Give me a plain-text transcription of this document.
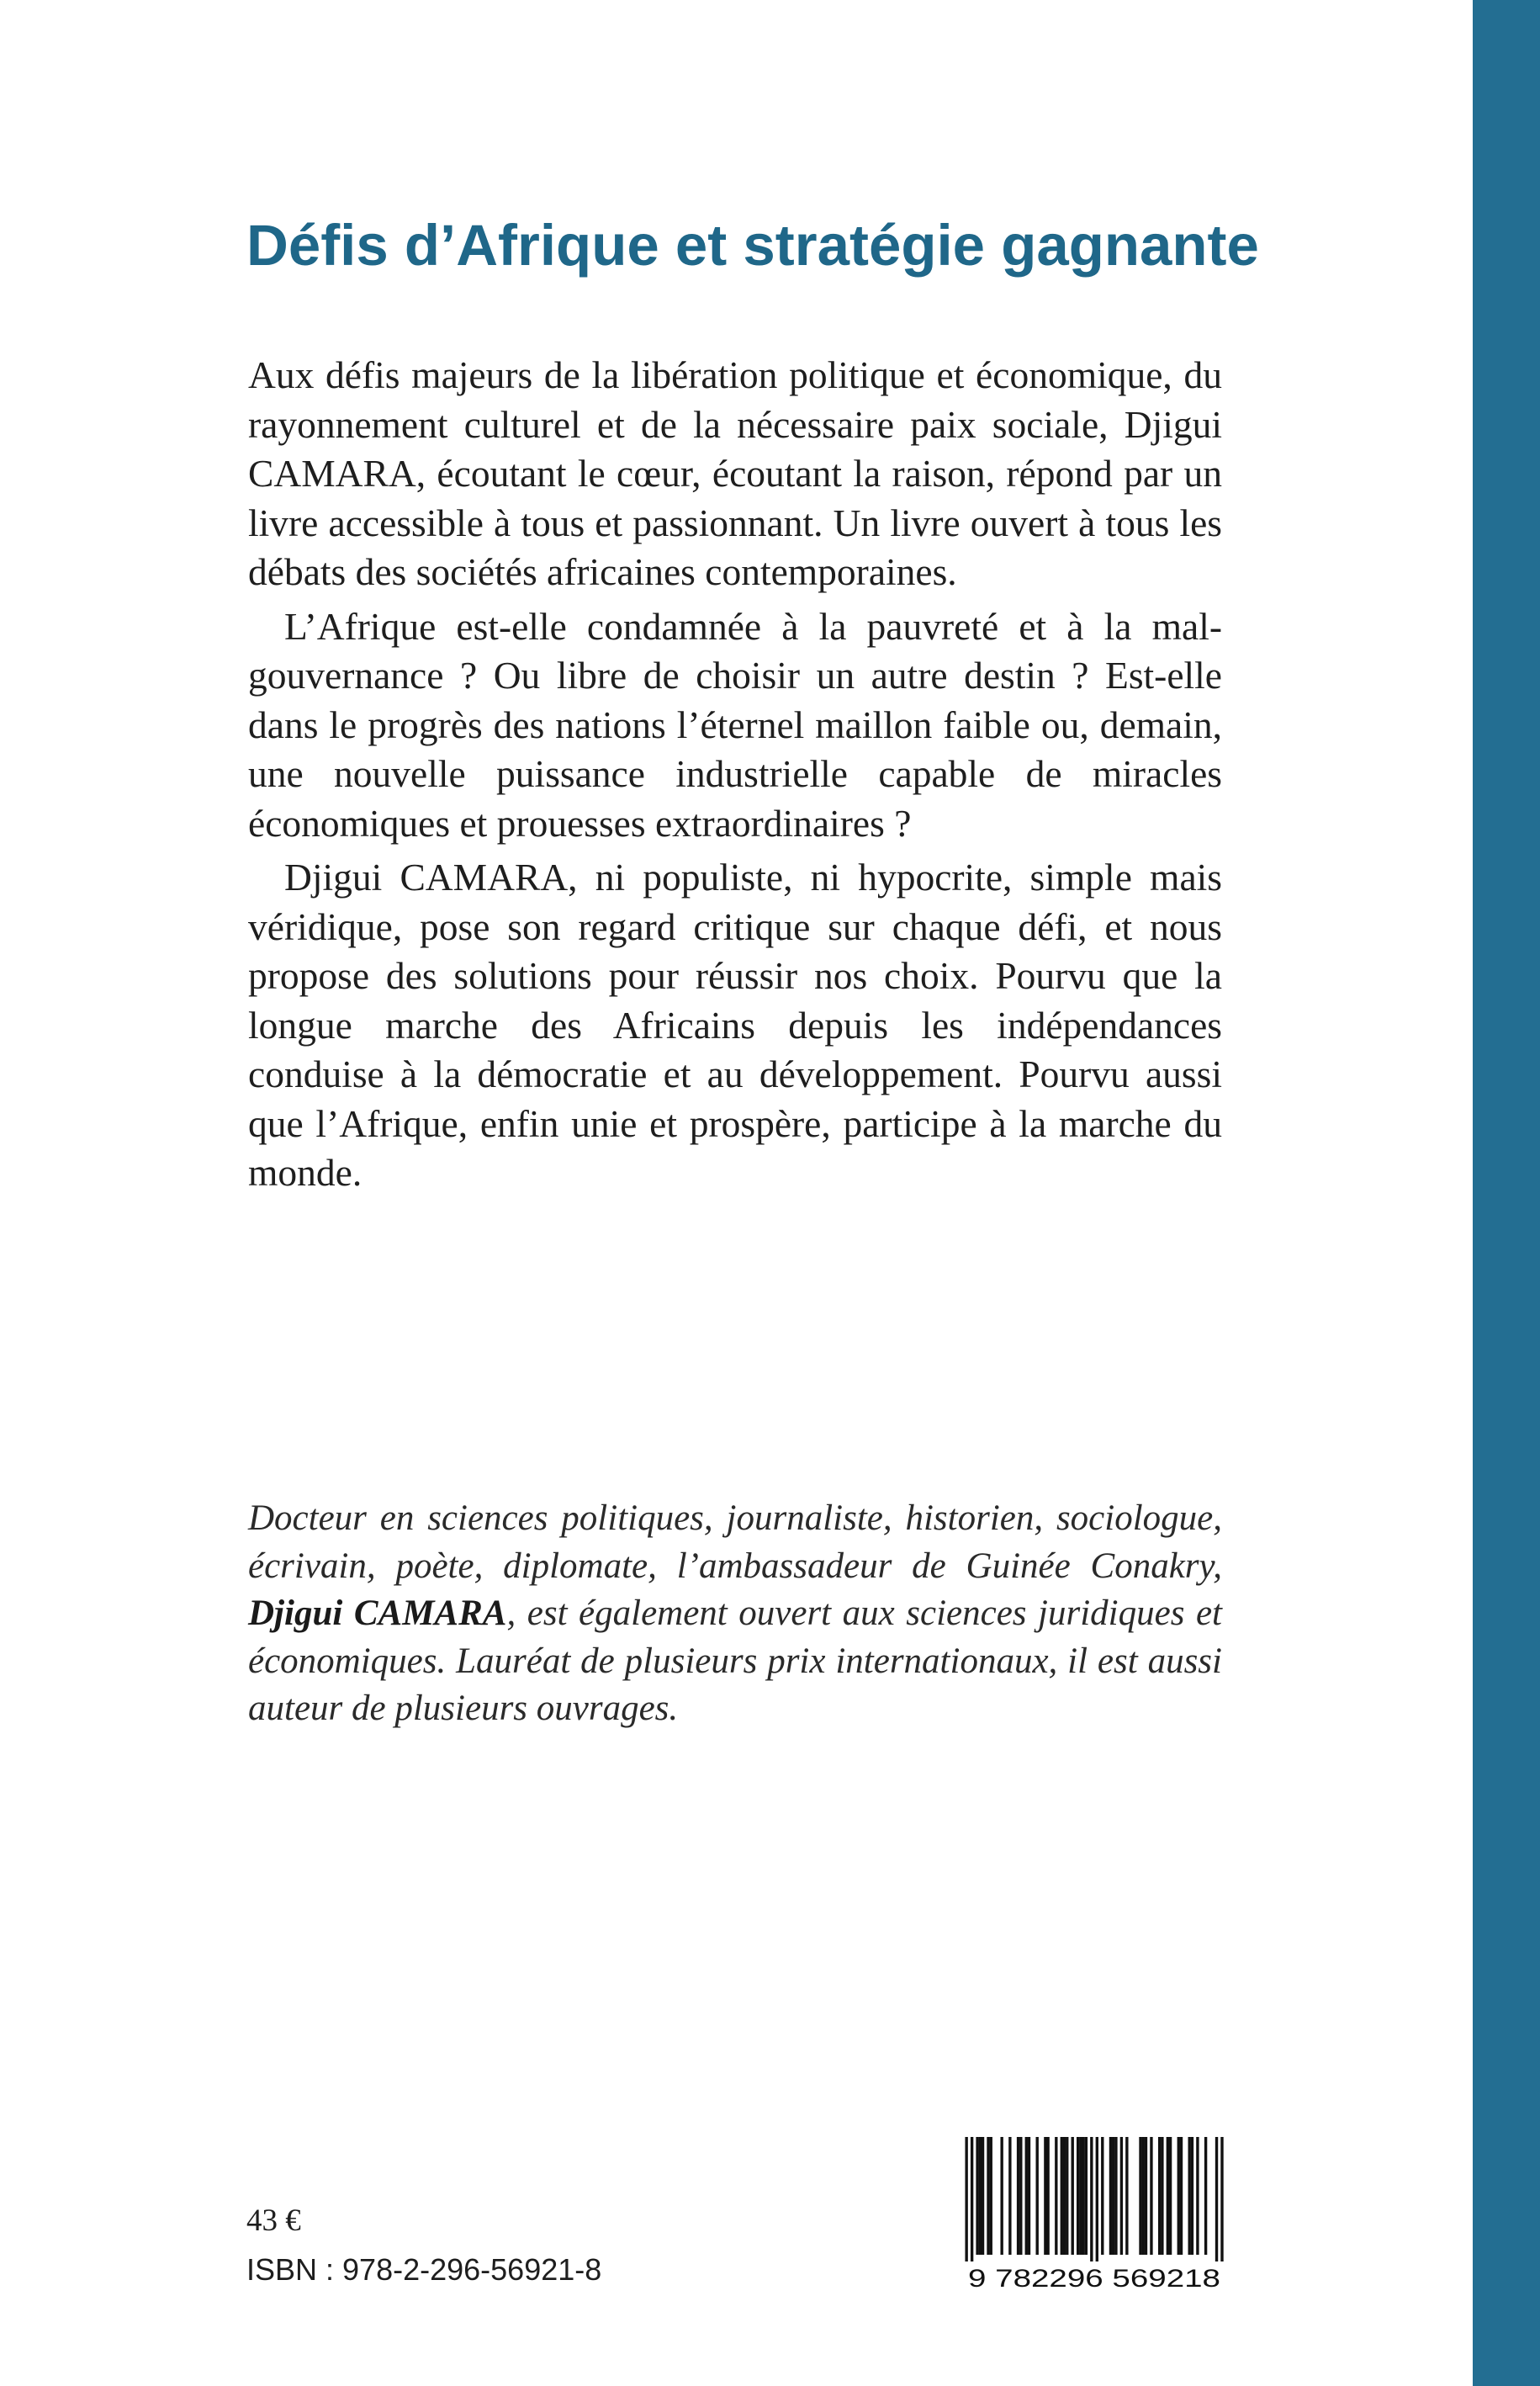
Défis d’Afrique et stratégie gagnante

Aux défis majeurs de la libération politique et économique, du rayonnement culturel et de la nécessaire paix sociale, Djigui CAMARA, écoutant le cœur, écoutant la raison, répond par un livre accessible à tous et passionnant. Un livre ouvert à tous les débats des sociétés africaines contemporaines.

L’Afrique est-elle condamnée à la pauvreté et à la mal-gouvernance ? Ou libre de choisir un autre destin ? Est-elle dans le progrès des nations l’éternel maillon faible ou, demain, une nouvelle puissance industrielle capable de miracles économiques et prouesses extraordinaires ?

Djigui CAMARA, ni populiste, ni hypocrite, simple mais véridique, pose son regard critique sur chaque défi, et nous propose des solutions pour réussir nos choix. Pourvu que la longue marche des Africains depuis les indépendances conduise à la démocratie et au développement. Pourvu aussi que l’Afrique, enfin unie et prospère, participe à la marche du monde.

Docteur en sciences politiques, journaliste, historien, sociologue, écrivain, poète, diplomate, l’ambassadeur de Guinée Conakry, Djigui CAMARA, est également ouvert aux sciences juridiques et économiques. Lauréat de plusieurs prix internationaux, il est aussi auteur de plusieurs ouvrages.

43 €
ISBN : 978-2-296-56921-8	9 782296 569218
